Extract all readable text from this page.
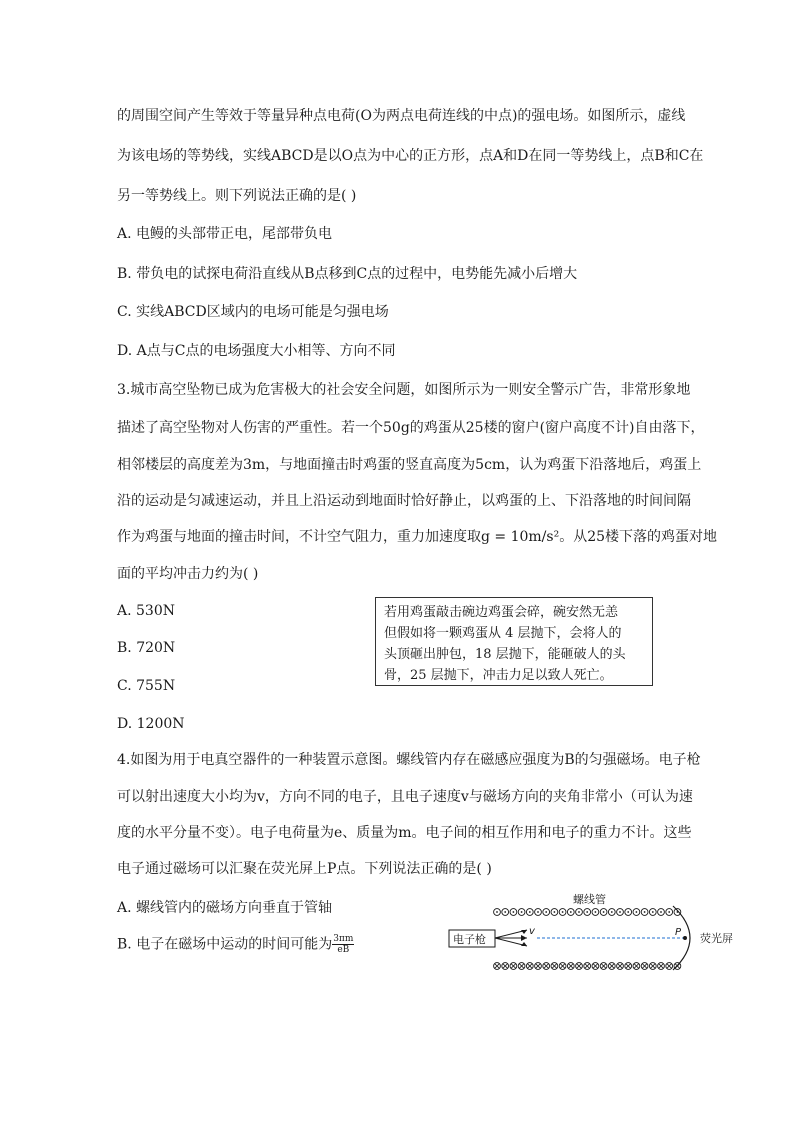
的周围空间产生等效于等量异种点电荷(O为两点电荷连线的中点)的强电场。如图所示，虚线
为该电场的等势线，实线ABCD是以O点为中心的正方形，点A和D在同一等势线上，点B和C在
另一等势线上。则下列说法正确的是( )
A. 电鳗的头部带正电，尾部带负电
B. 带负电的试探电荷沿直线从B点移到C点的过程中，电势能先减小后增大
C. 实线ABCD区域内的电场可能是匀强电场
D. A点与C点的电场强度大小相等、方向不同
3.城市高空坠物已成为危害极大的社会安全问题，如图所示为一则安全警示广告，非常形象地
描述了高空坠物对人伤害的严重性。若一个50g的鸡蛋从25楼的窗户(窗户高度不计)自由落下，
相邻楼层的高度差为3m，与地面撞击时鸡蛋的竖直高度为5cm，认为鸡蛋下沿落地后，鸡蛋上
沿的运动是匀减速运动，并且上沿运动到地面时恰好静止，以鸡蛋的上、下沿落地的时间间隔
作为鸡蛋与地面的撞击时间，不计空气阻力，重力加速度取g = 10m/s²。从25楼下落的鸡蛋对地
面的平均冲击力约为( )
A. 530N
B. 720N
C. 755N
D. 1200N
若用鸡蛋敲击碗边鸡蛋会碎，碗安然无恙
但假如将一颗鸡蛋从 4 层抛下，会将人的
头顶砸出肿包，18 层抛下，能砸破人的头
骨，25 层抛下，冲击力足以致人死亡。
4.如图为用于电真空器件的一种装置示意图。螺线管内存在磁感应强度为B的匀强磁场。电子枪
可以射出速度大小均为v，方向不同的电子，且电子速度v与磁场方向的夹角非常小（可认为速
度的水平分量不变）。电子电荷量为e、质量为m。电子间的相互作用和电子的重力不计。这些
电子通过磁场可以汇聚在荧光屏上P点。下列说法正确的是( )
A. 螺线管内的磁场方向垂直于管轴
B. 电子在磁场中运动的时间可能为 $\frac{3\pi m}{eB}$
螺线管
电子枪
v	P 荧光屏
